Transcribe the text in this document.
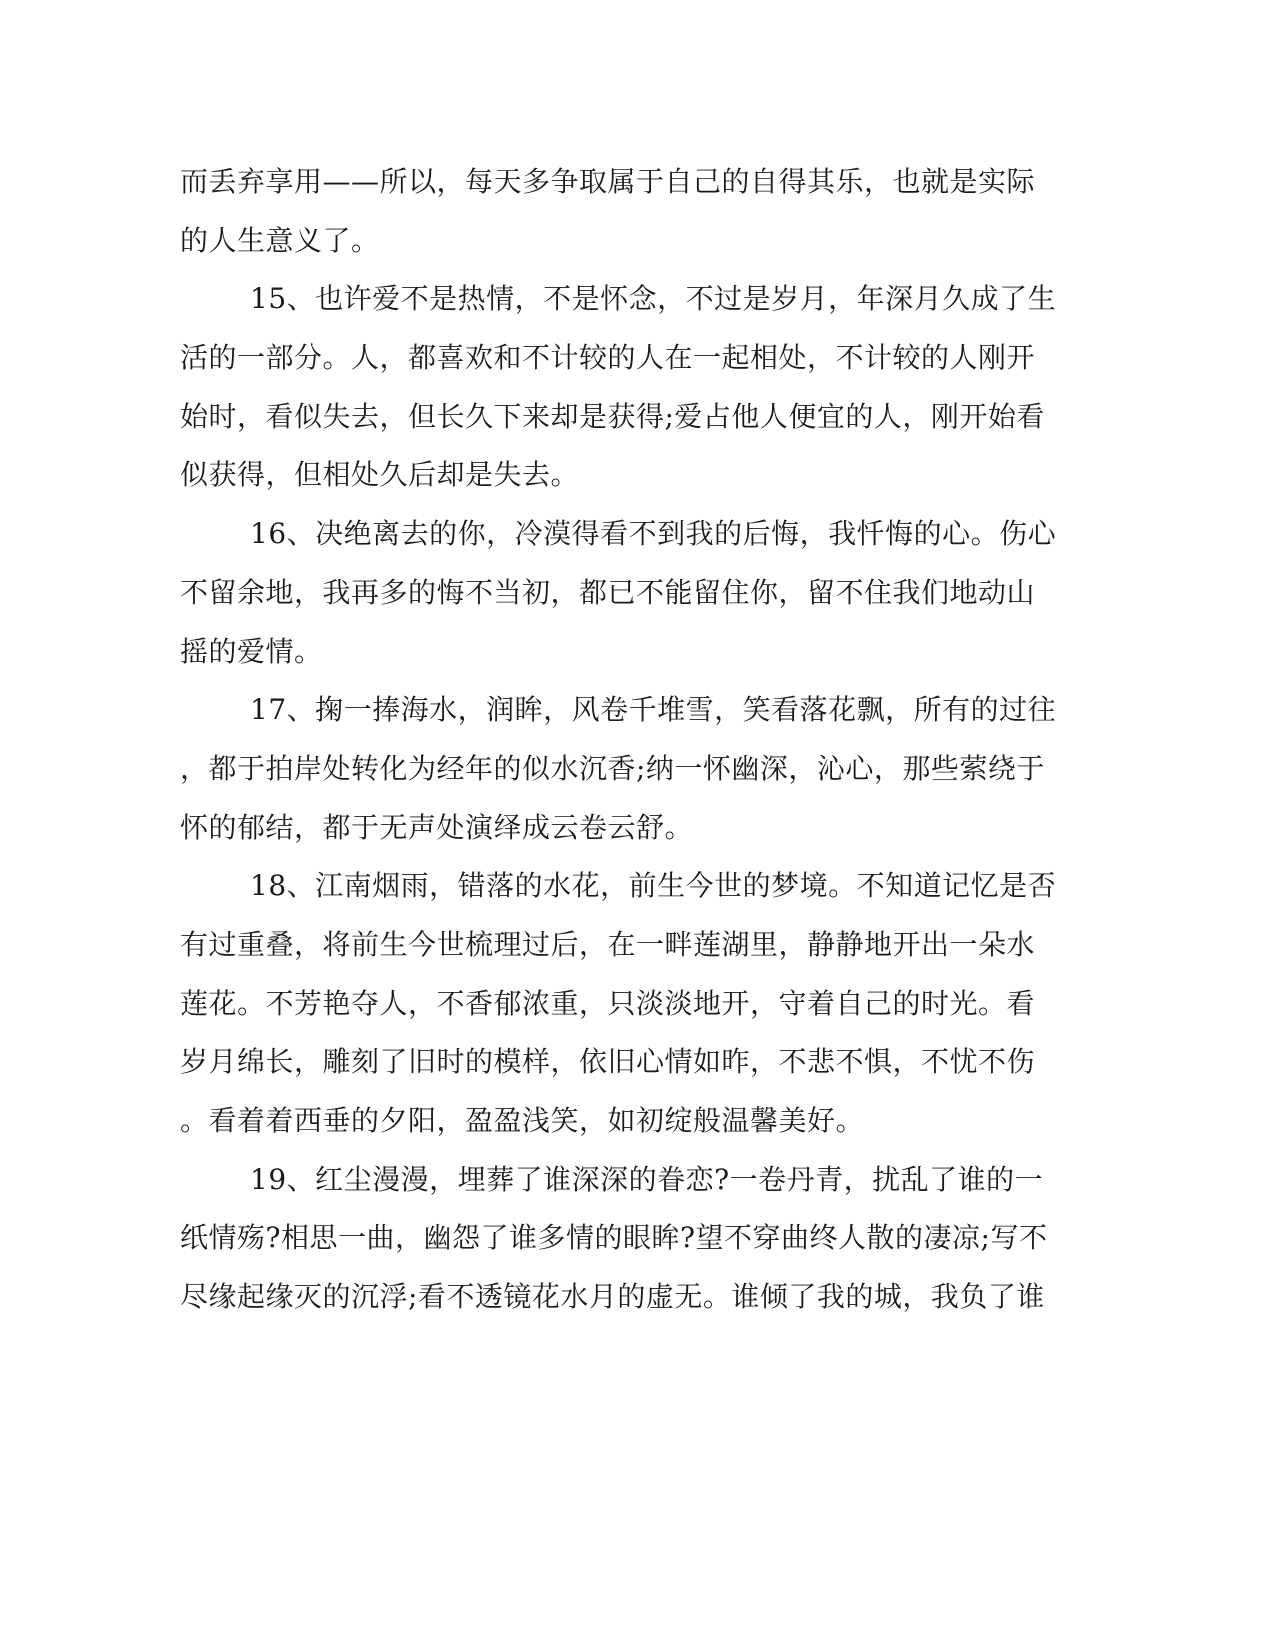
而丢弃享用——所以，每天多争取属于自己的自得其乐，也就是实际
的人生意义了。
15、也许爱不是热情，不是怀念，不过是岁月，年深月久成了生
活的一部分。人，都喜欢和不计较的人在一起相处，不计较的人刚开
始时，看似失去，但长久下来却是获得;爱占他人便宜的人，刚开始看
似获得，但相处久后却是失去。
16、决绝离去的你，冷漠得看不到我的后悔，我忏悔的心。伤心
不留余地，我再多的悔不当初，都已不能留住你，留不住我们地动山
摇的爱情。
17、掬一捧海水，润眸，风卷千堆雪，笑看落花飘，所有的过往
，都于拍岸处转化为经年的似水沉香;纳一怀幽深，沁心，那些萦绕于
怀的郁结，都于无声处演绎成云卷云舒。
18、江南烟雨，错落的水花，前生今世的梦境。不知道记忆是否
有过重叠，将前生今世梳理过后，在一畔莲湖里，静静地开出一朵水
莲花。不芳艳夺人，不香郁浓重，只淡淡地开，守着自己的时光。看
岁月绵长，雕刻了旧时的模样，依旧心情如昨，不悲不惧，不忧不伤
。看着着西垂的夕阳，盈盈浅笑，如初绽般温馨美好。
19、红尘漫漫，埋葬了谁深深的眷恋?一卷丹青，扰乱了谁的一
纸情殇?相思一曲，幽怨了谁多情的眼眸?望不穿曲终人散的凄凉;写不
尽缘起缘灭的沉浮;看不透镜花水月的虚无。谁倾了我的城，我负了谁
